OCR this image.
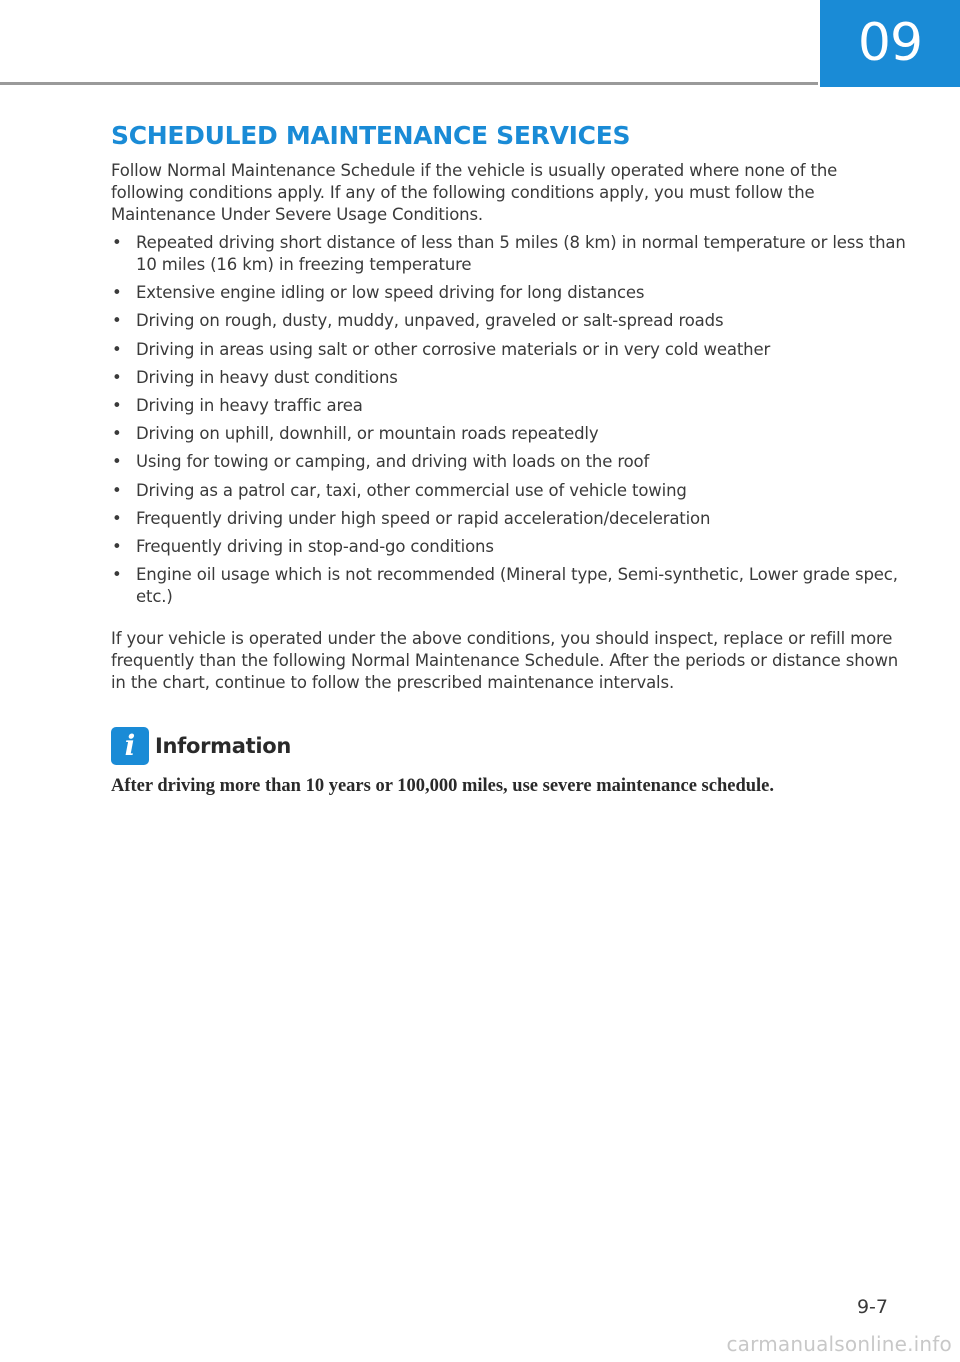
09
SCHEDULED MAINTENANCE SERVICES

Follow Normal Maintenance Schedule if the vehicle is usually operated where none of the following conditions apply. If any of the following conditions apply, you must follow the Maintenance Under Severe Usage Conditions.

• Repeated driving short distance of less than 5 miles (8 km) in normal temperature or less than 10 miles (16 km) in freezing temperature
• Extensive engine idling or low speed driving for long distances
• Driving on rough, dusty, muddy, unpaved, graveled or salt-spread roads
• Driving in areas using salt or other corrosive materials or in very cold weather
• Driving in heavy dust conditions
• Driving in heavy traffic area
• Driving on uphill, downhill, or mountain roads repeatedly
• Using for towing or camping, and driving with loads on the roof
• Driving as a patrol car, taxi, other commercial use of vehicle towing
• Frequently driving under high speed or rapid acceleration/deceleration
• Frequently driving in stop-and-go conditions
• Engine oil usage which is not recommended (Mineral type, Semi-synthetic, Lower grade spec, etc.)

If your vehicle is operated under the above conditions, you should inspect, replace or refill more frequently than the following Normal Maintenance Schedule. After the periods or distance shown in the chart, continue to follow the prescribed maintenance intervals.

i Information

After driving more than 10 years or 100,000 miles, use severe maintenance schedule.

9-7
carmanualsonline.info
